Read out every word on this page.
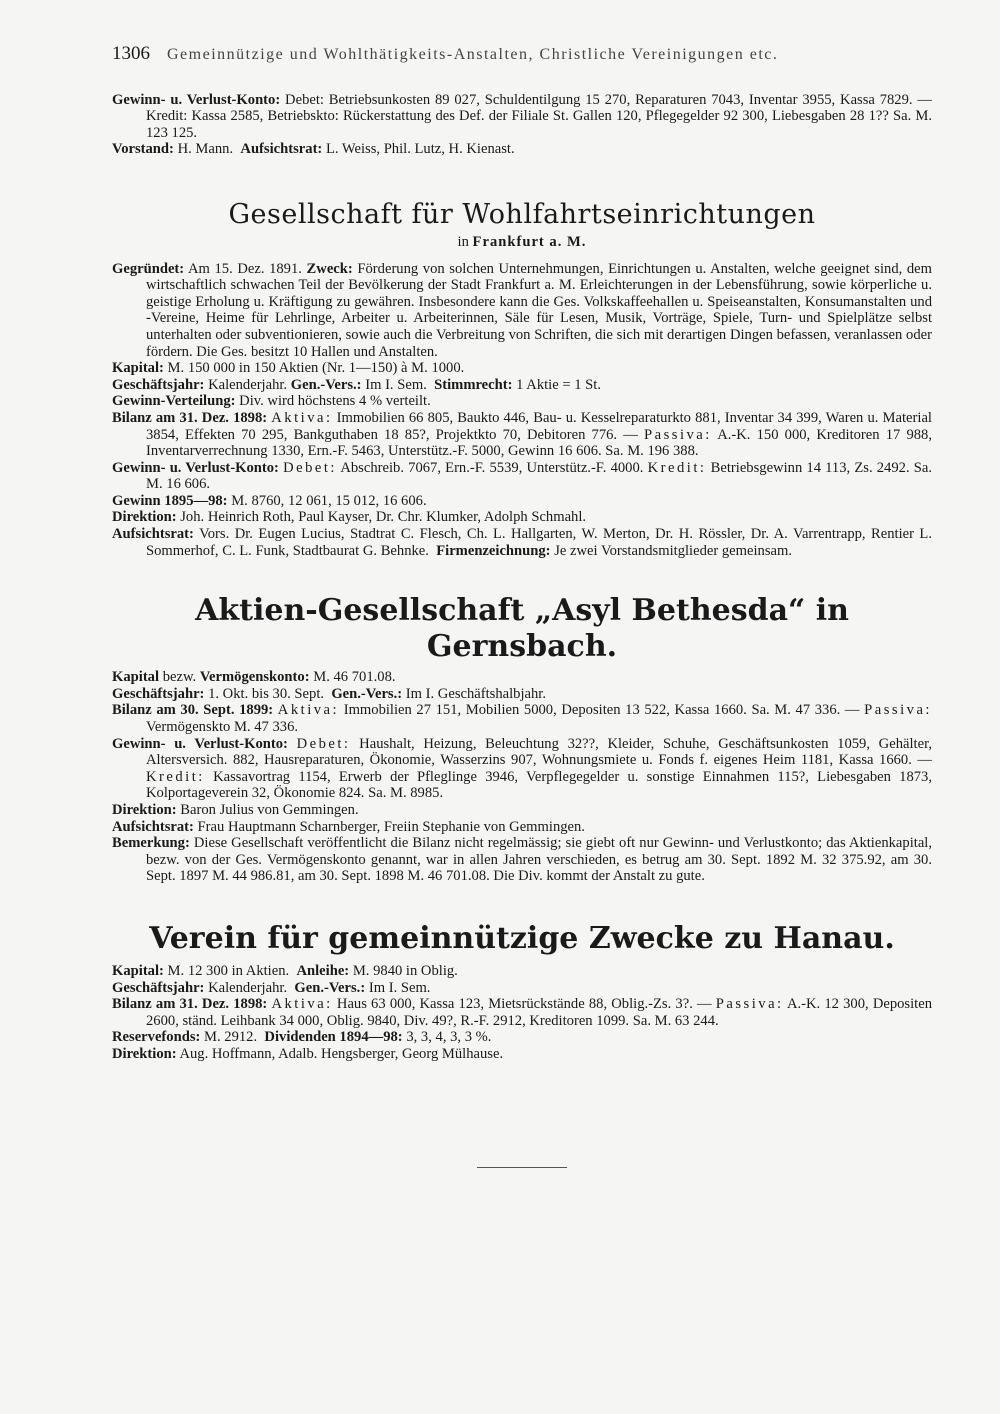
1306 Gemeinnützige und Wohlthätigkeits-Anstalten, Christliche Vereinigungen etc.

Gewinn- u. Verlust-Konto: Debet: Betriebsunkosten 89 027, Schuldentilgung 15 270, Reparaturen 7043, Inventar 3955, Kassa 7829. — Kredit: Kassa 2585, Betriebskto: Rückerstattung des Def. der Filiale St. Gallen 120, Pflegegelder 92 300, Liebesgaben 28 1?? Sa. M. 123 125.

Vorstand: H. Mann. Aufsichtsrat: L. Weiss, Phil. Lutz, H. Kienast.

Gesellschaft für Wohlfahrtseinrichtungen
in Frankfurt a. M.

Gegründet: Am 15. Dez. 1891. Zweck: Förderung von solchen Unternehmungen, Einrichtungen u. Anstalten, welche geeignet sind, dem wirtschaftlich schwachen Teil der Bevölkerung der Stadt Frankfurt a. M. Erleichterungen in der Lebensführung, sowie körperliche u. geistige Erholung u. Kräftigung zu gewähren. Insbesondere kann die Ges. Volkskaffeehallen u. Speiseanstalten, Konsumanstalten und -Vereine, Heime für Lehrlinge, Arbeiter u. Arbeiterinnen, Säle für Lesen, Musik, Vorträge, Spiele, Turn- und Spielplätze selbst unterhalten oder subventionieren, sowie auch die Verbreitung von Schriften, die sich mit derartigen Dingen befassen, veranlassen oder fördern. Die Ges. besitzt 10 Hallen und Anstalten.

Kapital: M. 150 000 in 150 Aktien (Nr. 1—150) à M. 1000.

Geschäftsjahr: Kalenderjahr. Gen.-Vers.: Im I. Sem. Stimmrecht: 1 Aktie = 1 St.

Gewinn-Verteilung: Div. wird höchstens 4 % verteilt.

Bilanz am 31. Dez. 1898: Aktiva: Immobilien 66 805, Baukto 446, Bau- u. Kesselreparaturkto 881, Inventar 34 399, Waren u. Material 3854, Effekten 70 295, Bankguthaben 18 85?, Projektkto 70, Debitoren 776. — Passiva: A.-K. 150 000, Kreditoren 17 988, Inventarverrechnung 1330, Ern.-F. 5463, Unterstütz.-F. 5000, Gewinn 16 606. Sa. M. 196 388.

Gewinn- u. Verlust-Konto: Debet: Abschreib. 7067, Ern.-F. 5539, Unterstütz.-F. 4000. Kredit: Betriebsgewinn 14 113, Zs. 2492. Sa. M. 16 606.

Gewinn 1895—98: M. 8760, 12 061, 15 012, 16 606.

Direktion: Joh. Heinrich Roth, Paul Kayser, Dr. Chr. Klumker, Adolph Schmahl.

Aufsichtsrat: Vors. Dr. Eugen Lucius, Stadtrat C. Flesch, Ch. L. Hallgarten, W. Merton, Dr. H. Rössler, Dr. A. Varrentrapp, Rentier L. Sommerhof, C. L. Funk, Stadtbaurat G. Behnke. Firmenzeichnung: Je zwei Vorstandsmitglieder gemeinsam.

Aktien-Gesellschaft „Asyl Bethesda“ in Gernsbach.

Kapital bezw. Vermögenskonto: M. 46 701.08.

Geschäftsjahr: 1. Okt. bis 30. Sept. Gen.-Vers.: Im I. Geschäftshalbjahr.

Bilanz am 30. Sept. 1899: Aktiva: Immobilien 27 151, Mobilien 5000, Depositen 13 522, Kassa 1660. Sa. M. 47 336. — Passiva: Vermögenskto M. 47 336.

Gewinn- u. Verlust-Konto: Debet: Haushalt, Heizung, Beleuchtung 32??, Kleider, Schuhe, Geschäftsunkosten 1059, Gehälter, Altersversich. 882, Hausreparaturen, Ökonomie, Wasserzins 907, Wohnungsmiete u. Fonds f. eigenes Heim 1181, Kassa 1660. — Kredit: Kassavortrag 1154, Erwerb der Pfleglinge 3946, Verpflegegelder u. sonstige Einnahmen 115?, Liebesgaben 1873, Kolportageverein 32, Ökonomie 824. Sa. M. 8985.

Direktion: Baron Julius von Gemmingen.

Aufsichtsrat: Frau Hauptmann Scharnberger, Freiin Stephanie von Gemmingen.

Bemerkung: Diese Gesellschaft veröffentlicht die Bilanz nicht regelmässig; sie giebt oft nur Gewinn- und Verlustkonto; das Aktienkapital, bezw. von der Ges. Vermögenskonto genannt, war in allen Jahren verschieden, es betrug am 30. Sept. 1892 M. 32 375.92, am 30. Sept. 1897 M. 44 986.81, am 30. Sept. 1898 M. 46 701.08. Die Div. kommt der Anstalt zu gute.

Verein für gemeinnützige Zwecke zu Hanau.

Kapital: M. 12 300 in Aktien. Anleihe: M. 9840 in Oblig.

Geschäftsjahr: Kalenderjahr. Gen.-Vers.: Im I. Sem.

Bilanz am 31. Dez. 1898: Aktiva: Haus 63 000, Kassa 123, Mietsrückstände 88, Oblig.-Zs. 3?. — Passiva: A.-K. 12 300, Depositen 2600, ständ. Leihbank 34 000, Oblig. 9840, Div. 49?, R.-F. 2912, Kreditoren 1099. Sa. M. 63 244.

Reservefonds: M. 2912. Dividenden 1894—98: 3, 3, 4, 3, 3 %.

Direktion: Aug. Hoffmann, Adalb. Hengsberger, Georg Mülhause.
